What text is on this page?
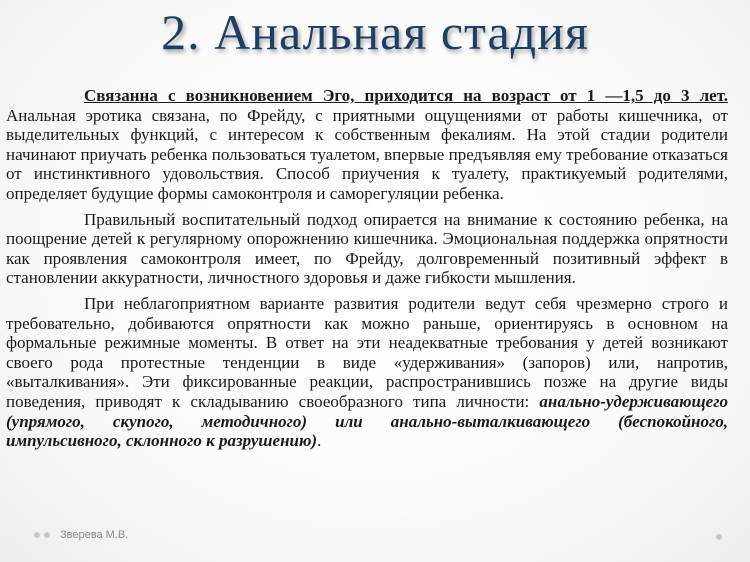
2. Анальная стадия

Связанна с возникновением Эго, приходится на возраст от 1 —1,5 до 3 лет. Анальная эротика связана, по Фрейду, с приятными ощущениями от работы кишечника, от выделительных функций, с интересом к собственным фекалиям. На этой стадии родители начинают приучать ребенка пользоваться туалетом, впервые предъявляя ему требование отказаться от инстинктивного удовольствия. Способ приучения к туалету, практикуемый родителями, определяет будущие формы самоконтроля и саморегуляции ребенка.

Правильный воспитательный подход опирается на внимание к состоянию ребенка, на поощрение детей к регулярному опорожнению кишечника. Эмоциональная поддержка опрятности как проявления самоконтроля имеет, по Фрейду, долговременный позитивный эффект в становлении аккуратности, личностного здоровья и даже гибкости мышления.

При неблагоприятном варианте развития родители ведут себя чрезмерно строго и требовательно, добиваются опрятности как можно раньше, ориентируясь в основном на формальные режимные моменты. В ответ на эти неадекватные требования у детей возникают своего рода протестные тенденции в виде «удерживания» (запоров) или, напротив, «выталкивания». Эти фиксированные реакции, распространившись позже на другие виды поведения, приводят к складыванию своеобразного типа личности: анально-удерживающего (упрямого, скупого, методичного) или анально-выталкивающего (беспокойного, импульсивного, склонного к разрушению).

Зверева М.В.
